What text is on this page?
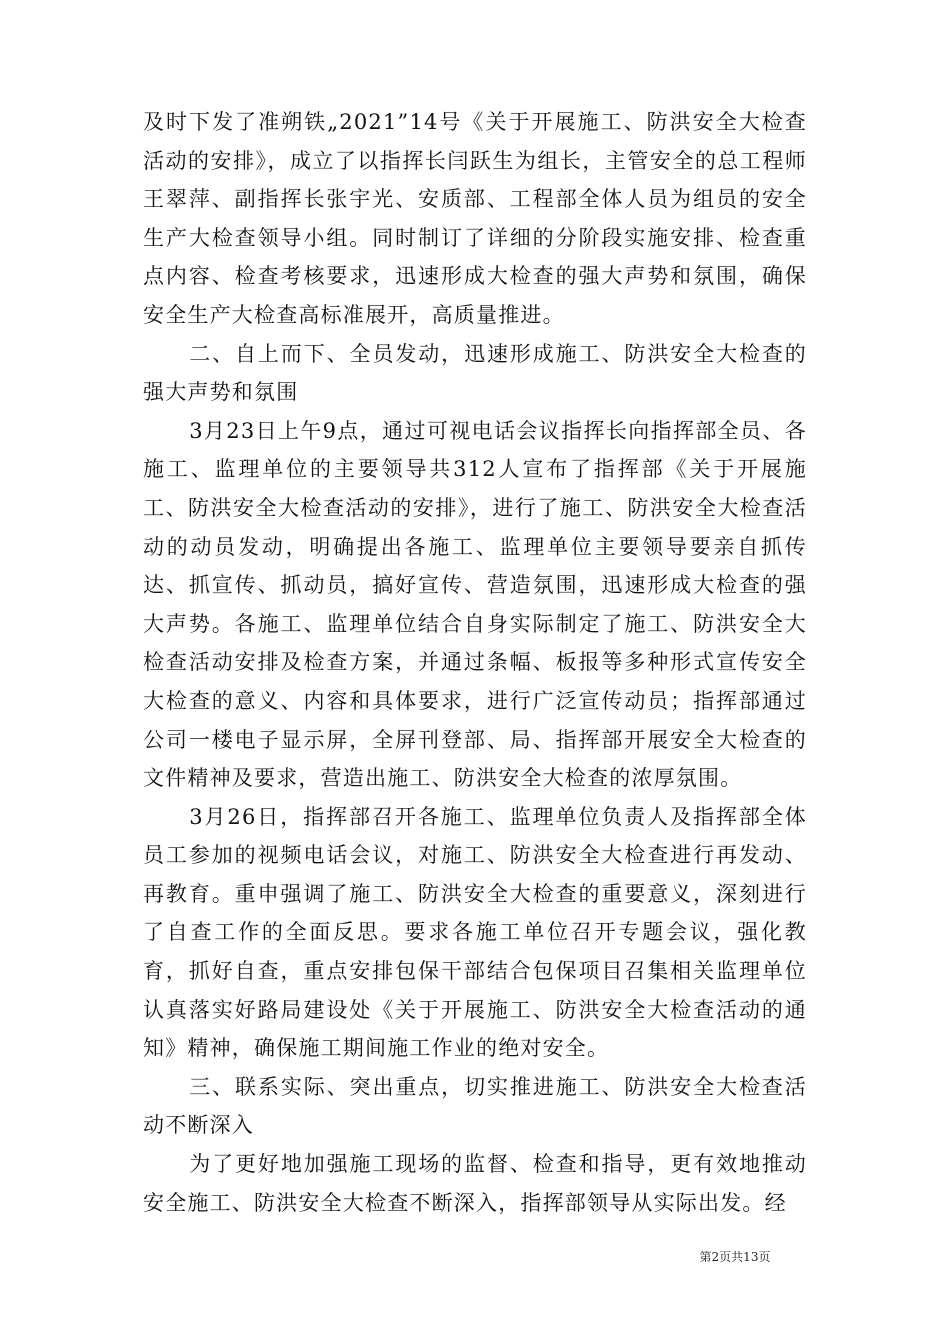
及时下发了准朔铁„2021”14号《关于开展施工、防洪安全大检查活动的安排》，成立了以指挥长闫跃生为组长，主管安全的总工程师王翠萍、副指挥长张宇光、安质部、工程部全体人员为组员的安全生产大检查领导小组。同时制订了详细的分阶段实施安排、检查重点内容、检查考核要求，迅速形成大检查的强大声势和氛围，确保安全生产大检查高标准展开，高质量推进。

二、自上而下、全员发动，迅速形成施工、防洪安全大检查的强大声势和氛围

3月23日上午9点，通过可视电话会议指挥长向指挥部全员、各施工、监理单位的主要领导共312人宣布了指挥部《关于开展施工、防洪安全大检查活动的安排》，进行了施工、防洪安全大检查活动的动员发动，明确提出各施工、监理单位主要领导要亲自抓传达、抓宣传、抓动员，搞好宣传、营造氛围，迅速形成大检查的强大声势。各施工、监理单位结合自身实际制定了施工、防洪安全大检查活动安排及检查方案，并通过条幅、板报等多种形式宣传安全大检查的意义、内容和具体要求，进行广泛宣传动员；指挥部通过公司一楼电子显示屏，全屏刊登部、局、指挥部开展安全大检查的文件精神及要求，营造出施工、防洪安全大检查的浓厚氛围。

3月26日，指挥部召开各施工、监理单位负责人及指挥部全体员工参加的视频电话会议，对施工、防洪安全大检查进行再发动、再教育。重申强调了施工、防洪安全大检查的重要意义，深刻进行了自查工作的全面反思。要求各施工单位召开专题会议，强化教育，抓好自查，重点安排包保干部结合包保项目召集相关监理单位认真落实好路局建设处《关于开展施工、防洪安全大检查活动的通知》精神，确保施工期间施工作业的绝对安全。

三、联系实际、突出重点，切实推进施工、防洪安全大检查活动不断深入

为了更好地加强施工现场的监督、检查和指导，更有效地推动安全施工、防洪安全大检查不断深入，指挥部领导从实际出发。经

第2页共13页
